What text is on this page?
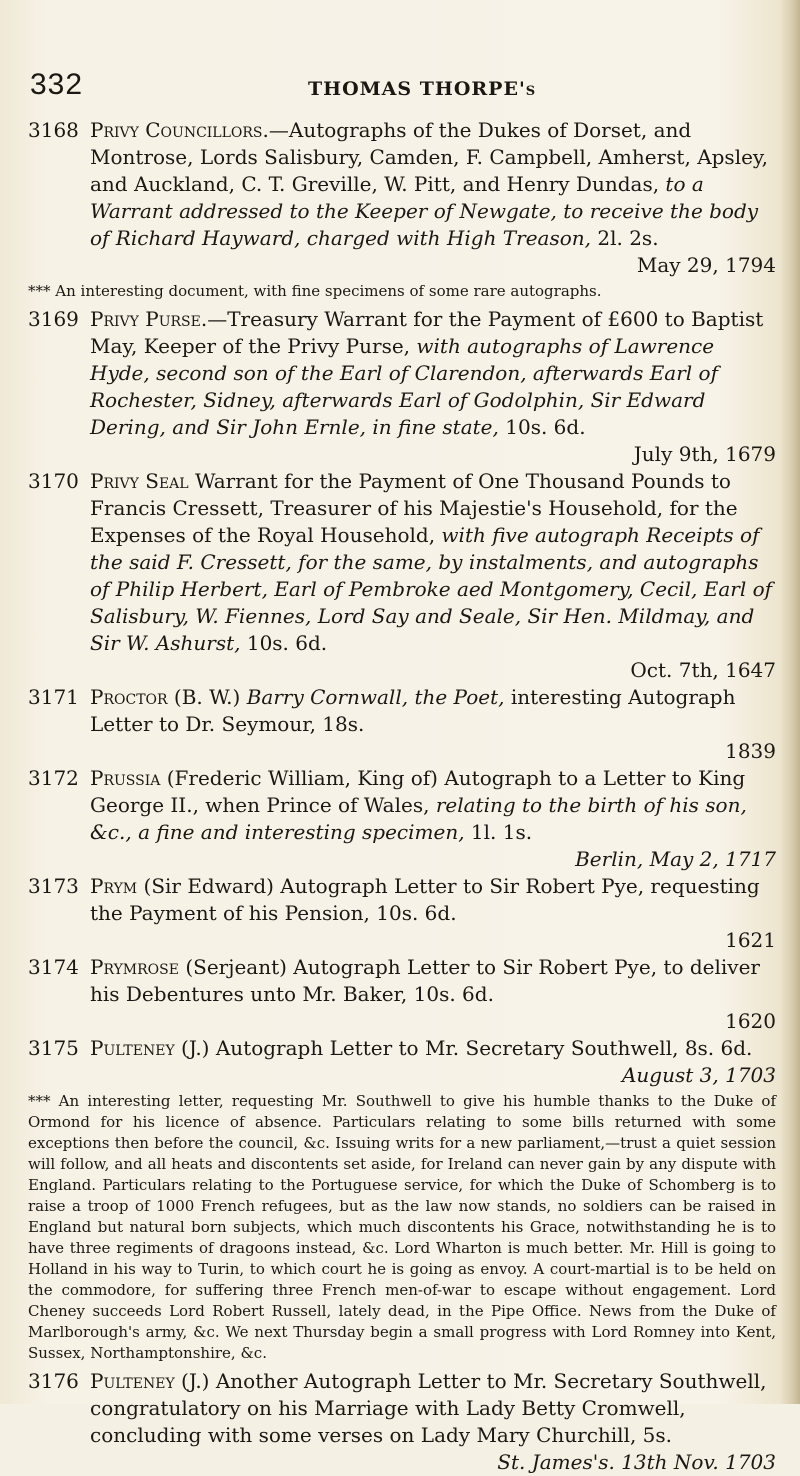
332	THOMAS THORPE's
3168 Privy Councillors.—Autographs of the Dukes of Dorset, and Montrose, Lords Salisbury, Camden, F. Campbell, Amherst, Apsley, and Auckland, C. T. Greville, W. Pitt, and Henry Dundas, to a Warrant addressed to the Keeper of Newgate, to receive the body of Richard Hayward, charged with High Treason, 2l. 2s.
May 29, 1794
*** An interesting document, with fine specimens of some rare autographs.
3169 Privy Purse.—Treasury Warrant for the Payment of £600 to Baptist May, Keeper of the Privy Purse, with autographs of Lawrence Hyde, second son of the Earl of Clarendon, afterwards Earl of Rochester, Sidney, afterwards Earl of Godolphin, Sir Edward Dering, and Sir John Ernle, in fine state, 10s. 6d.
July 9th, 1679
3170 Privy Seal Warrant for the Payment of One Thousand Pounds to Francis Cressett, Treasurer of his Majestie's Household, for the Expenses of the Royal Household, with five autograph Receipts of the said F. Cressett, for the same, by instalments, and autographs of Philip Herbert, Earl of Pembroke aed Montgomery, Cecil, Earl of Salisbury, W. Fiennes, Lord Say and Seale, Sir Hen. Mildmay, and Sir W. Ashurst, 10s. 6d.
Oct. 7th, 1647
3171 Proctor (B. W.) Barry Cornwall, the Poet, interesting Autograph Letter to Dr. Seymour, 18s.
1839
3172 Prussia (Frederic William, King of) Autograph to a Letter to King George II., when Prince of Wales, relating to the birth of his son, &c., a fine and interesting specimen, 1l. 1s.
Berlin, May 2, 1717
3173 Prym (Sir Edward) Autograph Letter to Sir Robert Pye, requesting the Payment of his Pension, 10s. 6d.
1621
3174 Prymrose (Serjeant) Autograph Letter to Sir Robert Pye, to deliver his Debentures unto Mr. Baker, 10s. 6d.
1620
3175 Pulteney (J.) Autograph Letter to Mr. Secretary Southwell, 8s. 6d.
August 3, 1703
*** An interesting letter, requesting Mr. Southwell to give his humble thanks to the Duke of Ormond for his licence of absence. Particulars relating to some bills returned with some exceptions then before the council, &c. Issuing writs for a new parliament,—trust a quiet session will follow, and all heats and discontents set aside, for Ireland can never gain by any dispute with England. Particulars relating to the Portuguese service, for which the Duke of Schomberg is to raise a troop of 1000 French refugees, but as the law now stands, no soldiers can be raised in England but natural born subjects, which much discontents his Grace, notwithstanding he is to have three regiments of dragoons instead, &c. Lord Wharton is much better. Mr. Hill is going to Holland in his way to Turin, to which court he is going as envoy. A court-martial is to be held on the commodore, for suffering three French men-of-war to escape without engagement. Lord Cheney succeeds Lord Robert Russell, lately dead, in the Pipe Office. News from the Duke of Marlborough's army, &c. We next Thursday begin a small progress with Lord Romney into Kent, Sussex, Northamptonshire, &c.
3176 Pulteney (J.) Another Autograph Letter to Mr. Secretary Southwell, congratulatory on his Marriage with Lady Betty Cromwell, concluding with some verses on Lady Mary Churchill, 5s.
St. James's. 13th Nov. 1703
